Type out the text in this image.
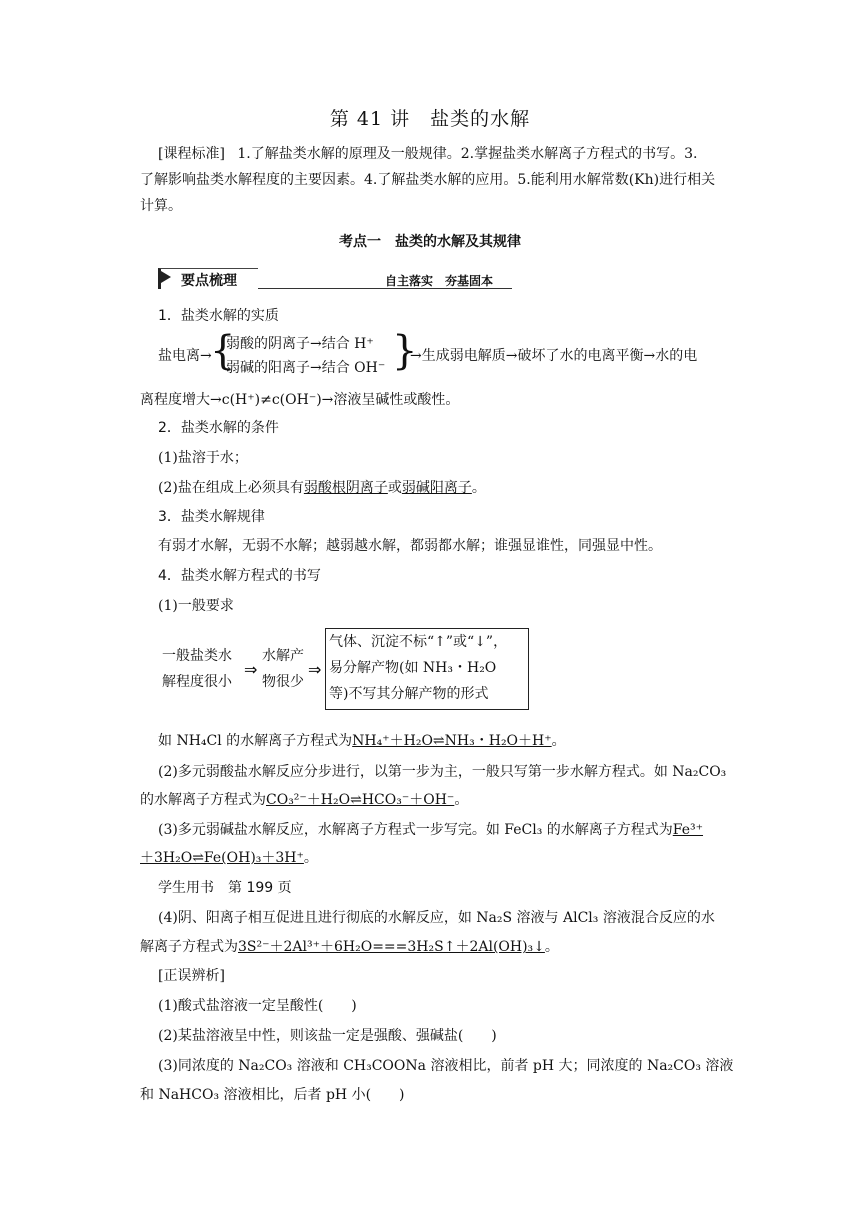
第 41 讲　盐类的水解
[课程标准] 1.了解盐类水解的原理及一般规律。2.掌握盐类水解离子方程式的书写。3.
了解影响盐类水解程度的主要因素。4.了解盐类水解的应用。5.能利用水解常数(Kh)进行相关
计算。
考点一　盐类的水解及其规律
要点梳理	自主落实　夯基固本
1．盐类水解的实质
盐电离→
{
弱酸的阴离子→结合 H⁺
弱碱的阳离子→结合 OH⁻ }
→生成弱电解质→破坏了水的电离平衡→水的电
离程度增大→c(H⁺)≠c(OH⁻)→溶液呈碱性或酸性。
2．盐类水解的条件
(1)盐溶于水；
(2)盐在组成上必须具有弱酸根阴离子或弱碱阳离子。
3．盐类水解规律
有弱才水解，无弱不水解；越弱越水解，都弱都水解；谁强显谁性，同强显中性。
4．盐类水解方程式的书写
(1)一般要求
一般盐类水
解程度很小
⇒
水解产
物很少
⇒
气体、沉淀不标“↑”或“↓”，
易分解产物(如 NH₃・H₂O
等)不写其分解产物的形式
如 NH₄Cl 的水解离子方程式为NH₄⁺＋H₂O⇌NH₃・H₂O＋H⁺。
(2)多元弱酸盐水解反应分步进行，以第一步为主，一般只写第一步水解方程式。如 Na₂CO₃
的水解离子方程式为CO₃²⁻＋H₂O⇌HCO₃⁻＋OH⁻。
(3)多元弱碱盐水解反应，水解离子方程式一步写完。如 FeCl₃ 的水解离子方程式为Fe³⁺
＋3H₂O⇌Fe(OH)₃＋3H⁺。
学生用书　第 199 页
(4)阴、阳离子相互促进且进行彻底的水解反应，如 Na₂S 溶液与 AlCl₃ 溶液混合反应的水
解离子方程式为3S²⁻＋2Al³⁺＋6H₂O===3H₂S↑＋2Al(OH)₃↓。
[正误辨析]
(1)酸式盐溶液一定呈酸性(　　)
(2)某盐溶液呈中性，则该盐一定是强酸、强碱盐(　　)
(3)同浓度的 Na₂CO₃ 溶液和 CH₃COONa 溶液相比，前者 pH 大；同浓度的 Na₂CO₃ 溶液
和 NaHCO₃ 溶液相比，后者 pH 小(　　)
